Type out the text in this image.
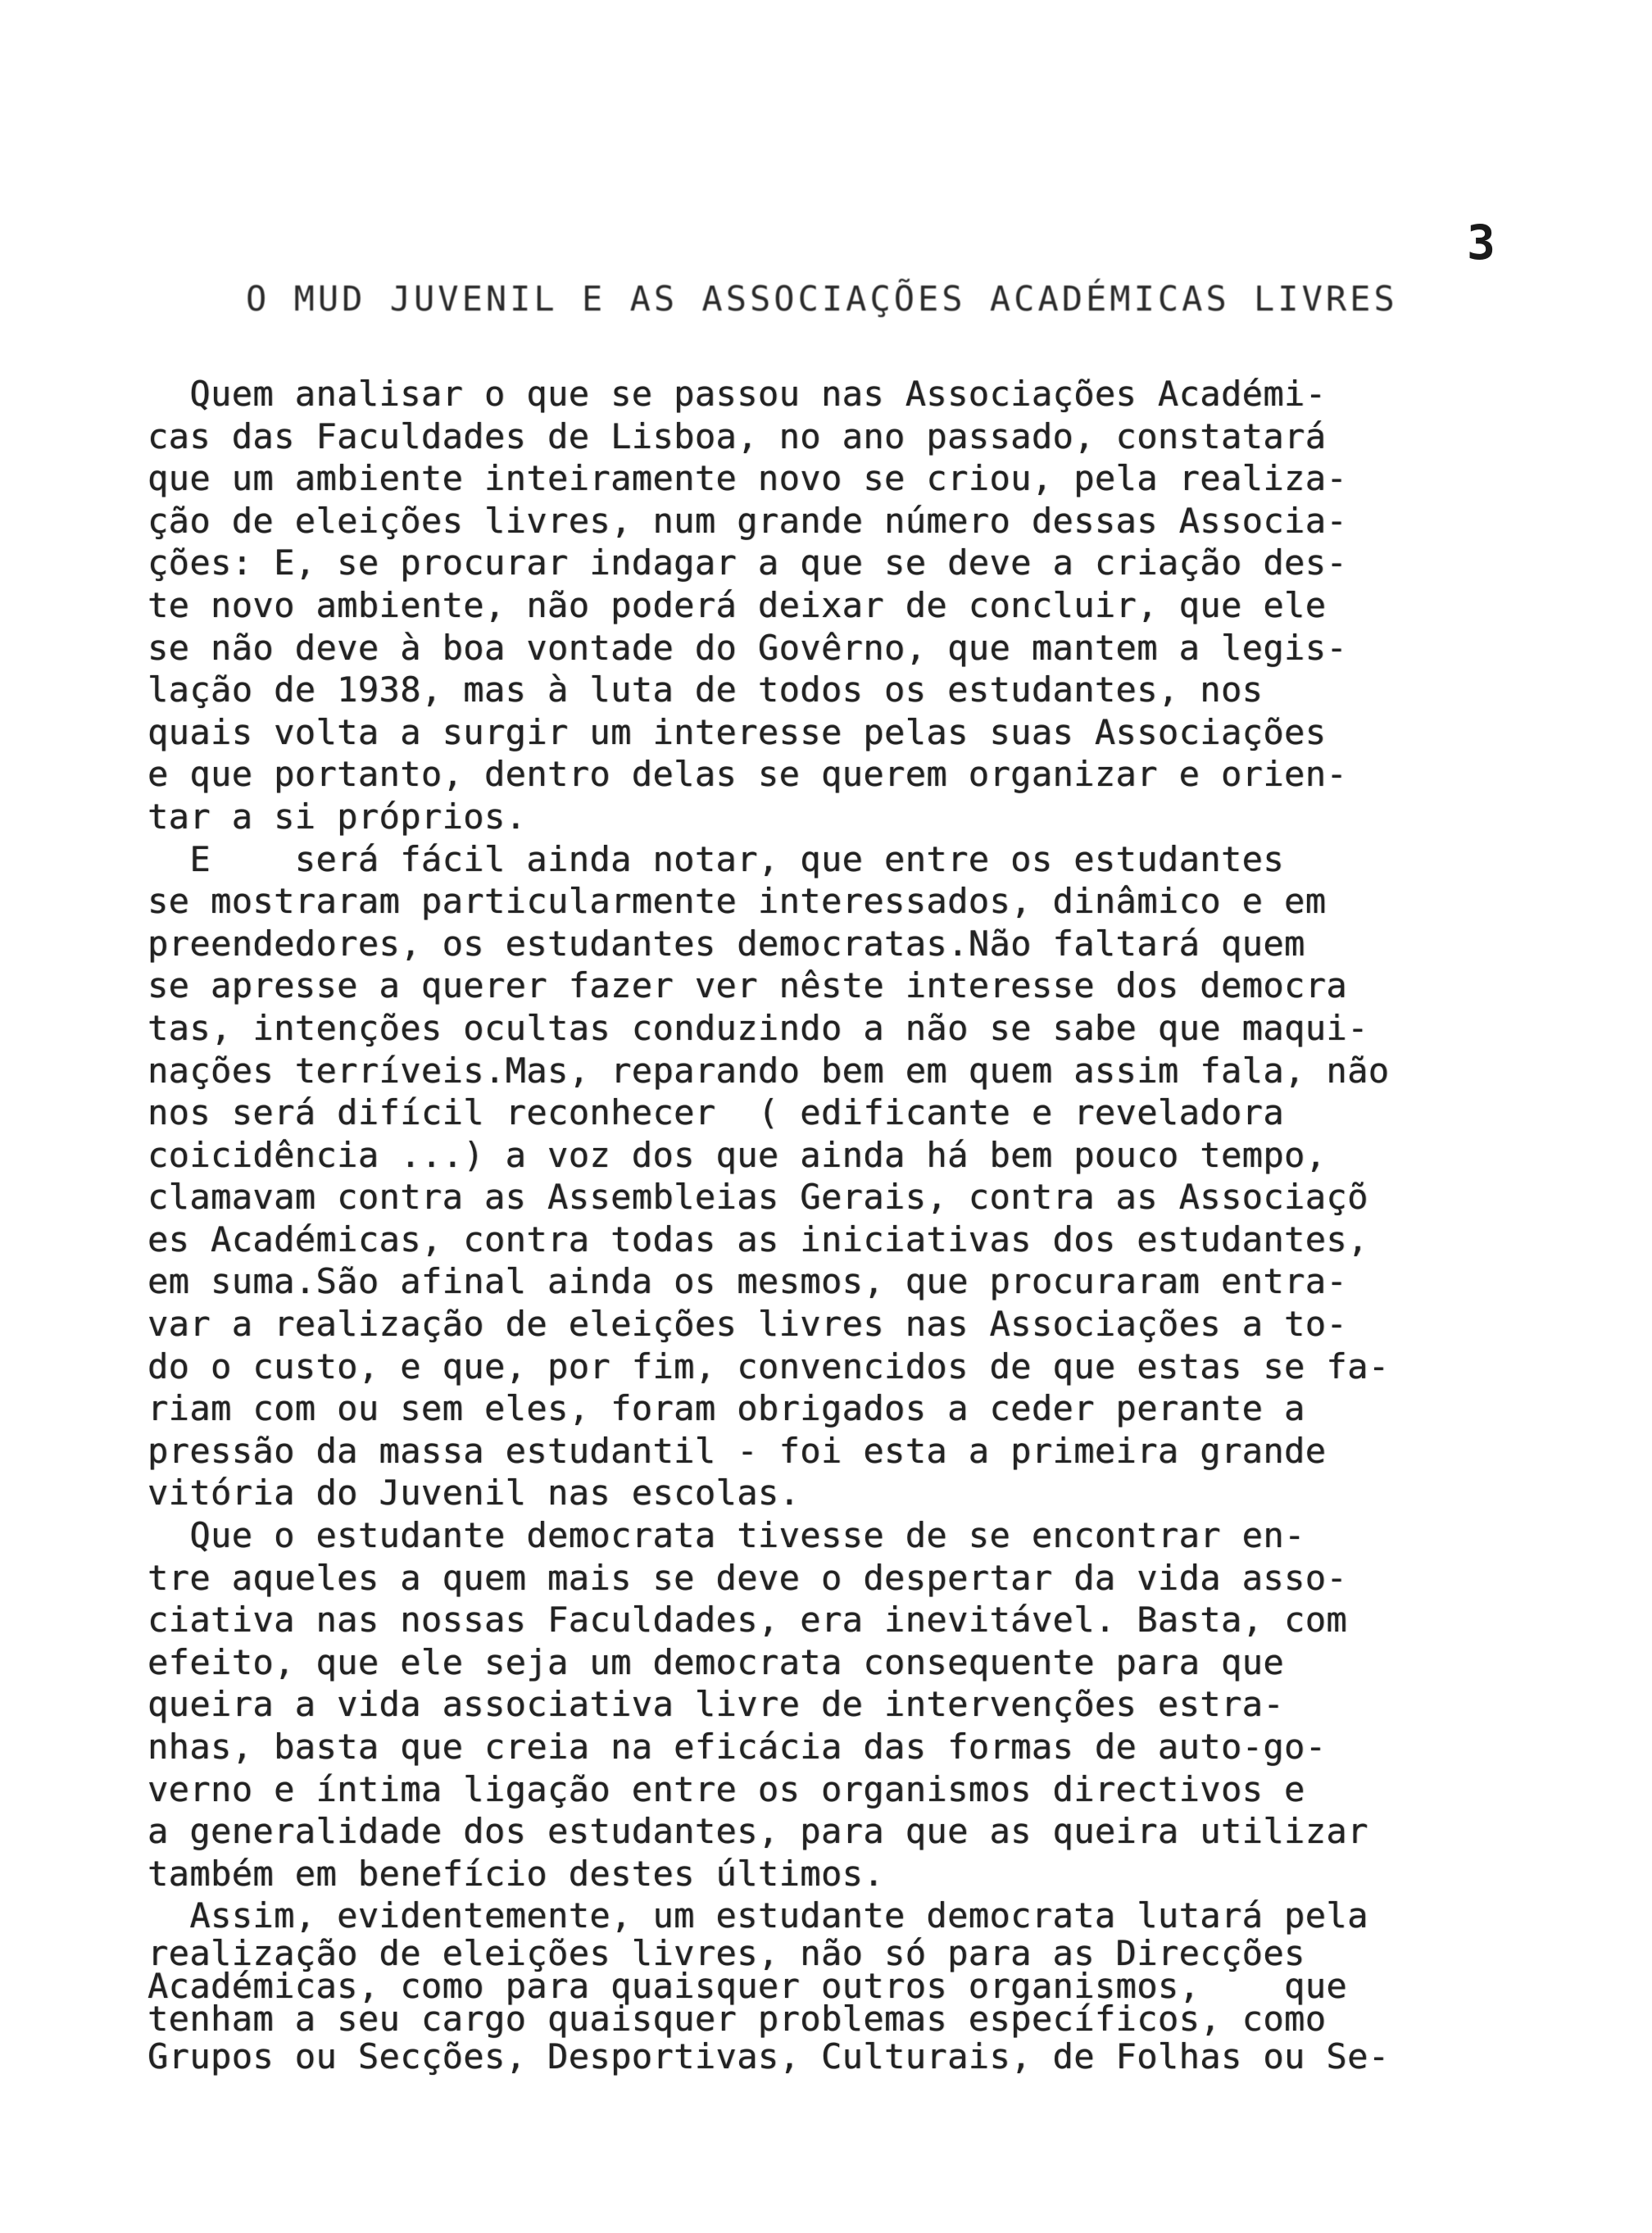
3
O MUD JUVENIL E AS ASSOCIAÇÕES ACADÉMICAS LIVRES
Quem analisar o que se passou nas Associações Académi-
cas das Faculdades de Lisboa, no ano passado, constatará
que um ambiente inteiramente novo se criou, pela realiza-
ção de eleições livres, num grande número dessas Associa-
ções: E, se procurar indagar a que se deve a criação des-
te novo ambiente, não poderá deixar de concluir, que ele
se não deve à boa vontade do Govêrno, que mantem a legis-
lação de 1938, mas à luta de todos os estudantes, nos
quais volta a surgir um interesse pelas suas Associações
e que portanto, dentro delas se querem organizar e orien-
tar a si próprios.
E    será fácil ainda notar, que entre os estudantes
se mostraram particularmente interessados, dinâmico e em
preendedores, os estudantes democratas.Não faltará quem
se apresse a querer fazer ver nêste interesse dos democra
tas, intenções ocultas conduzindo a não se sabe que maqui-
nações terríveis.Mas, reparando bem em quem assim fala, não
nos será difícil reconhecer  ( edificante e reveladora
coicidência ...) a voz dos que ainda há bem pouco tempo,
clamavam contra as Assembleias Gerais, contra as Associaçõ
es Académicas, contra todas as iniciativas dos estudantes,
em suma.São afinal ainda os mesmos, que procuraram entra-
var a realização de eleições livres nas Associações a to-
do o custo, e que, por fim, convencidos de que estas se fa-
riam com ou sem eles, foram obrigados a ceder perante a
pressão da massa estudantil - foi esta a primeira grande
vitória do Juvenil nas escolas.
Que o estudante democrata tivesse de se encontrar en-
tre aqueles a quem mais se deve o despertar da vida asso-
ciativa nas nossas Faculdades, era inevitável. Basta, com
efeito, que ele seja um democrata consequente para que
queira a vida associativa livre de intervenções estra-
nhas, basta que creia na eficácia das formas de auto-go-
verno e íntima ligação entre os organismos directivos e
a generalidade dos estudantes, para que as queira utilizar
também em benefício destes últimos.
Assim, evidentemente, um estudante democrata lutará pela
realização de eleições livres, não só para as Direcções
Académicas, como para quaisquer outros organismos,    que
tenham a seu cargo quaisquer problemas específicos, como
Grupos ou Secções, Desportivas, Culturais, de Folhas ou Se-
